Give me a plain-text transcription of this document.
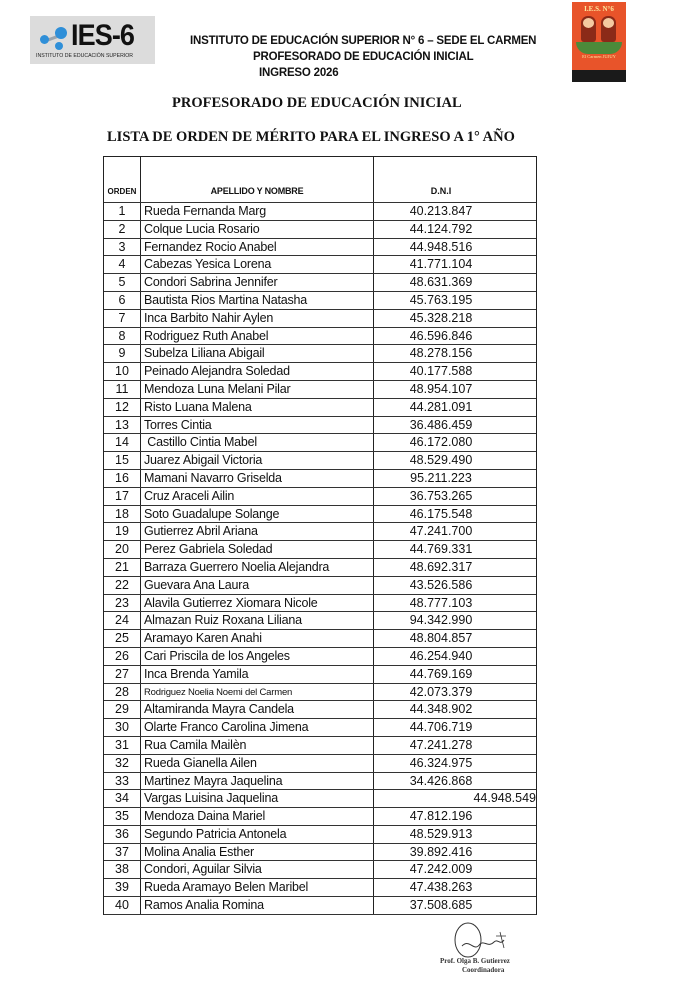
IES-6
INSTITUTO DE EDUCACIÓN SUPERIOR
INSTITUTO DE EDUCACIÓN SUPERIOR N° 6 – SEDE EL CARMEN
PROFESORADO DE EDUCACIÓN INICIAL
INGRESO 2026
I.E.S. N°6
El Carmen JUJUY
PROFESORADO DE EDUCACIÓN INICIAL
LISTA DE ORDEN DE MÉRITO PARA EL INGRESO A 1° AÑO
ORDEN	APELLIDO Y NOMBRE	D.N.I
1	Rueda Fernanda Marg	40.213.847
2	Colque Lucia Rosario	44.124.792
3	Fernandez Rocio Anabel	44.948.516
4	Cabezas Yesica Lorena	41.771.104
5	Condori Sabrina Jennifer	48.631.369
6	Bautista Rios Martina Natasha	45.763.195
7	Inca Barbito Nahir Aylen	45.328.218
8	Rodriguez Ruth Anabel	46.596.846
9	Subelza Liliana Abigail	48.278.156
10	Peinado Alejandra Soledad	40.177.588
11	Mendoza Luna Melani Pilar	48.954.107
12	Risto Luana Malena	44.281.091
13	Torres Cintia	36.486.459
14	Castillo Cintia Mabel	46.172.080
15	Juarez Abigail Victoria	48.529.490
16	Mamani Navarro Griselda	95.211.223
17	Cruz Araceli Ailin	36.753.265
18	Soto Guadalupe Solange	46.175.548
19	Gutierrez Abril Ariana	47.241.700
20	Perez Gabriela Soledad	44.769.331
21	Barraza Guerrero Noelia Alejandra	48.692.317
22	Guevara Ana Laura	43.526.586
23	Alavila Gutierrez Xiomara Nicole	48.777.103
24	Almazan Ruiz Roxana Liliana	94.342.990
25	Aramayo Karen Anahi	48.804.857
26	Cari Priscila de los Angeles	46.254.940
27	Inca Brenda Yamila	44.769.169
28	Rodriguez Noelia Noemi del Carmen	42.073.379
29	Altamiranda Mayra Candela	44.348.902
30	Olarte Franco Carolina Jimena	44.706.719
31	Rua Camila Mailèn	47.241.278
32	Rueda Gianella Ailen	46.324.975
33	Martinez Mayra Jaquelina	34.426.868
34	Vargas Luisina Jaquelina	44.948.549
35	Mendoza Daina Mariel	47.812.196
36	Segundo Patricia Antonela	48.529.913
37	Molina Analia Esther	39.892.416
38	Condori, Aguilar Silvia	47.242.009
39	Rueda Aramayo Belen Maribel	47.438.263
40	Ramos Analia Romina	37.508.685
Prof. Olga B. Gutierrez
Coordinadora
